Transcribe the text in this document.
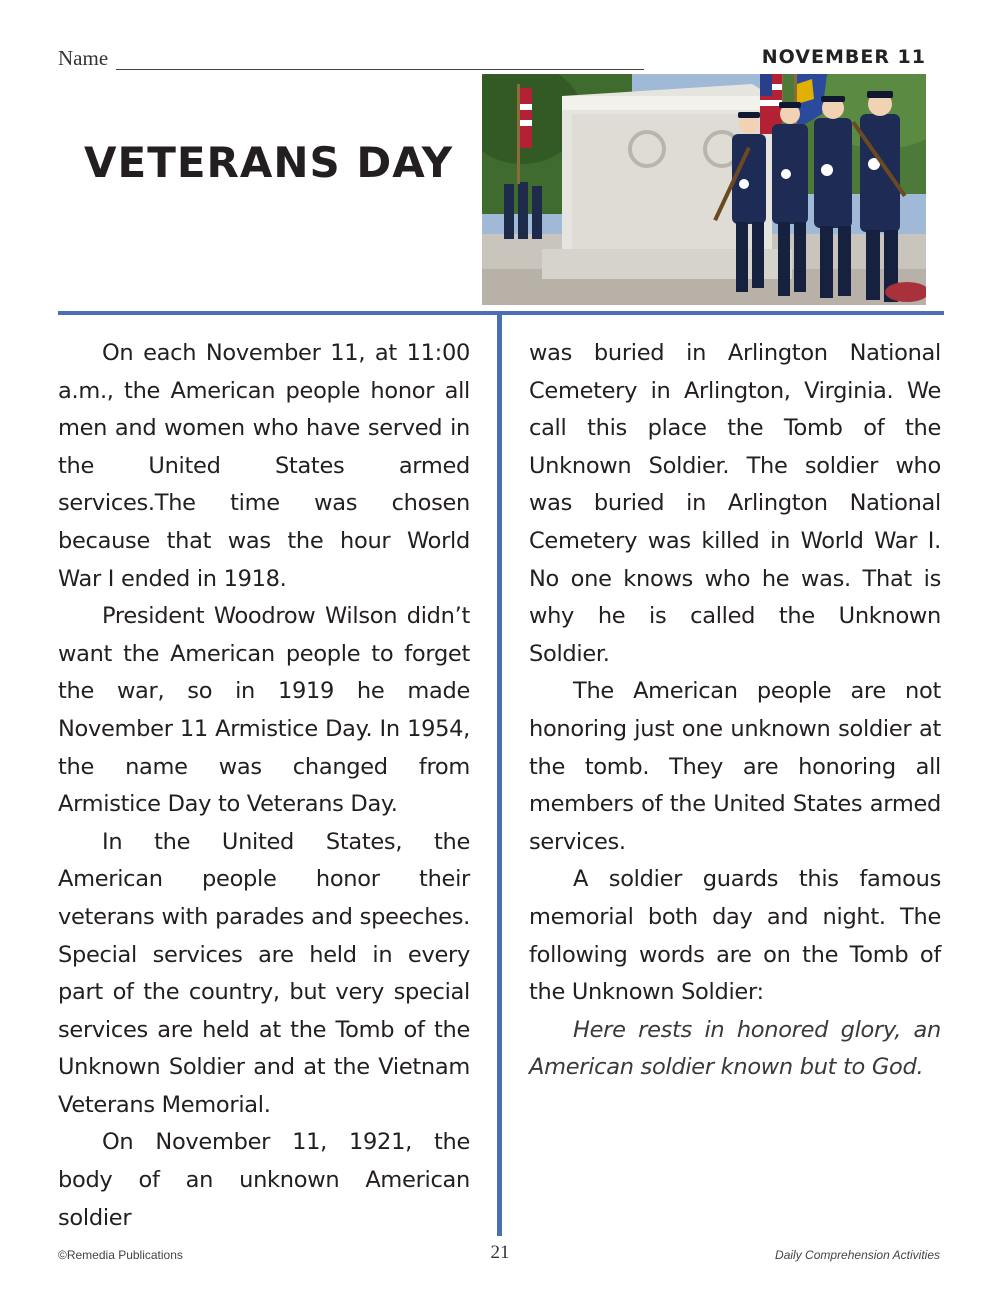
Name	NOVEMBER 11
VETERANS DAY

On each November 11, at 11:00 a.m., the American people honor all men and women who have served in the United States armed services.The time was chosen because that was the hour World War I ended in 1918.

President Woodrow Wilson didn’t want the American people to forget the war, so in 1919 he made November 11 Armistice Day. In 1954, the name was changed from Armistice Day to Veterans Day.

In the United States, the American people honor their veterans with parades and speeches. Special services are held in every part of the country, but very special services are held at the Tomb of the Unknown Soldier and at the Vietnam Veterans Memorial.

On November 11, 1921, the body of an unknown American soldier

was buried in Arlington National Cemetery in Arlington, Virginia. We call this place the Tomb of the Unknown Soldier. The soldier who was buried in Arlington National Cemetery was killed in World War I. No one knows who he was. That is why he is called the Unknown Soldier.

The American people are not honoring just one unknown soldier at the tomb. They are honoring all members of the United States armed services.

A soldier guards this famous memorial both day and night. The following words are on the Tomb of the Unknown Soldier:

Here rests in honored glory, an American soldier known but to God.

©Remedia Publications	21	Daily Comprehension Activities
